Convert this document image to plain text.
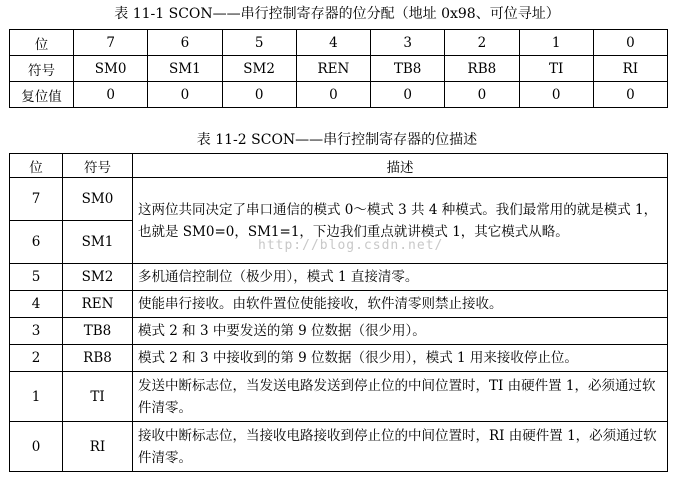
表 11-1 SCON——串行控制寄存器的位分配（地址 0x98、可位寻址）
位	7	6	5	4	3	2	1	0
符号	SM0	SM1	SM2	REN	TB8	RB8	TI	RI
复位值	0	0	0	0	0	0	0	0
表 11-2 SCON——串行控制寄存器的位描述
位	符号	描述
7	SM0	这两位共同决定了串口通信的模式 0～模式 3 共 4 种模式。我们最常用的就是模式 1，也就是 SM0=0，SM1=1，下边我们重点就讲模式 1，其它模式从略。
6	SM1	
5	SM2	多机通信控制位（极少用），模式 1 直接清零。
4	REN	使能串行接收。由软件置位使能接收，软件清零则禁止接收。
3	TB8	模式 2 和 3 中要发送的第 9 位数据（很少用）。
2	RB8	模式 2 和 3 中接收到的第 9 位数据（很少用），模式 1 用来接收停止位。
1	TI	发送中断标志位，当发送电路发送到停止位的中间位置时，TI 由硬件置 1，必须通过软件清零。
0	RI	接收中断标志位，当接收电路接收到停止位的中间位置时，RI 由硬件置 1，必须通过软件清零。
http://blog.csdn.net/
